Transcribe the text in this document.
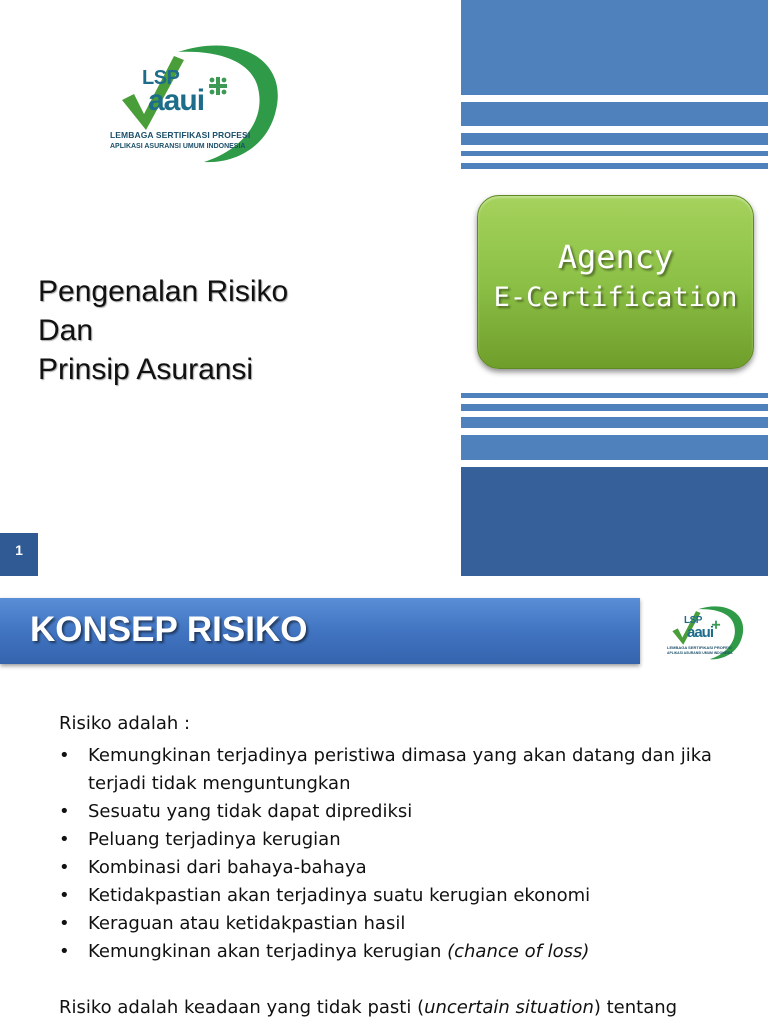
LSP
aaui
LEMBAGA SERTIFIKASI PROFESI
APLIKASI ASURANSI UMUM INDONESIA
Pengenalan Risiko
Dan
Prinsip Asuransi
1
Agency
E-Certification
KONSEP RISIKO	LSP
aaui
LEMBAGA SERTIFIKASI PROFESI
APLIKASI ASURANSI UMUM INDONESIA
Risiko adalah :
• Kemungkinan terjadinya peristiwa dimasa yang akan datang dan jika terjadi tidak menguntungkan
• Sesuatu yang tidak dapat diprediksi
• Peluang terjadinya kerugian
• Kombinasi dari bahaya-bahaya
• Ketidakpastian akan terjadinya suatu kerugian ekonomi
• Keraguan atau ketidakpastian hasil
• Kemungkinan akan terjadinya kerugian (chance of loss)
Risiko adalah keadaan yang tidak pasti (uncertain situation) tentang
